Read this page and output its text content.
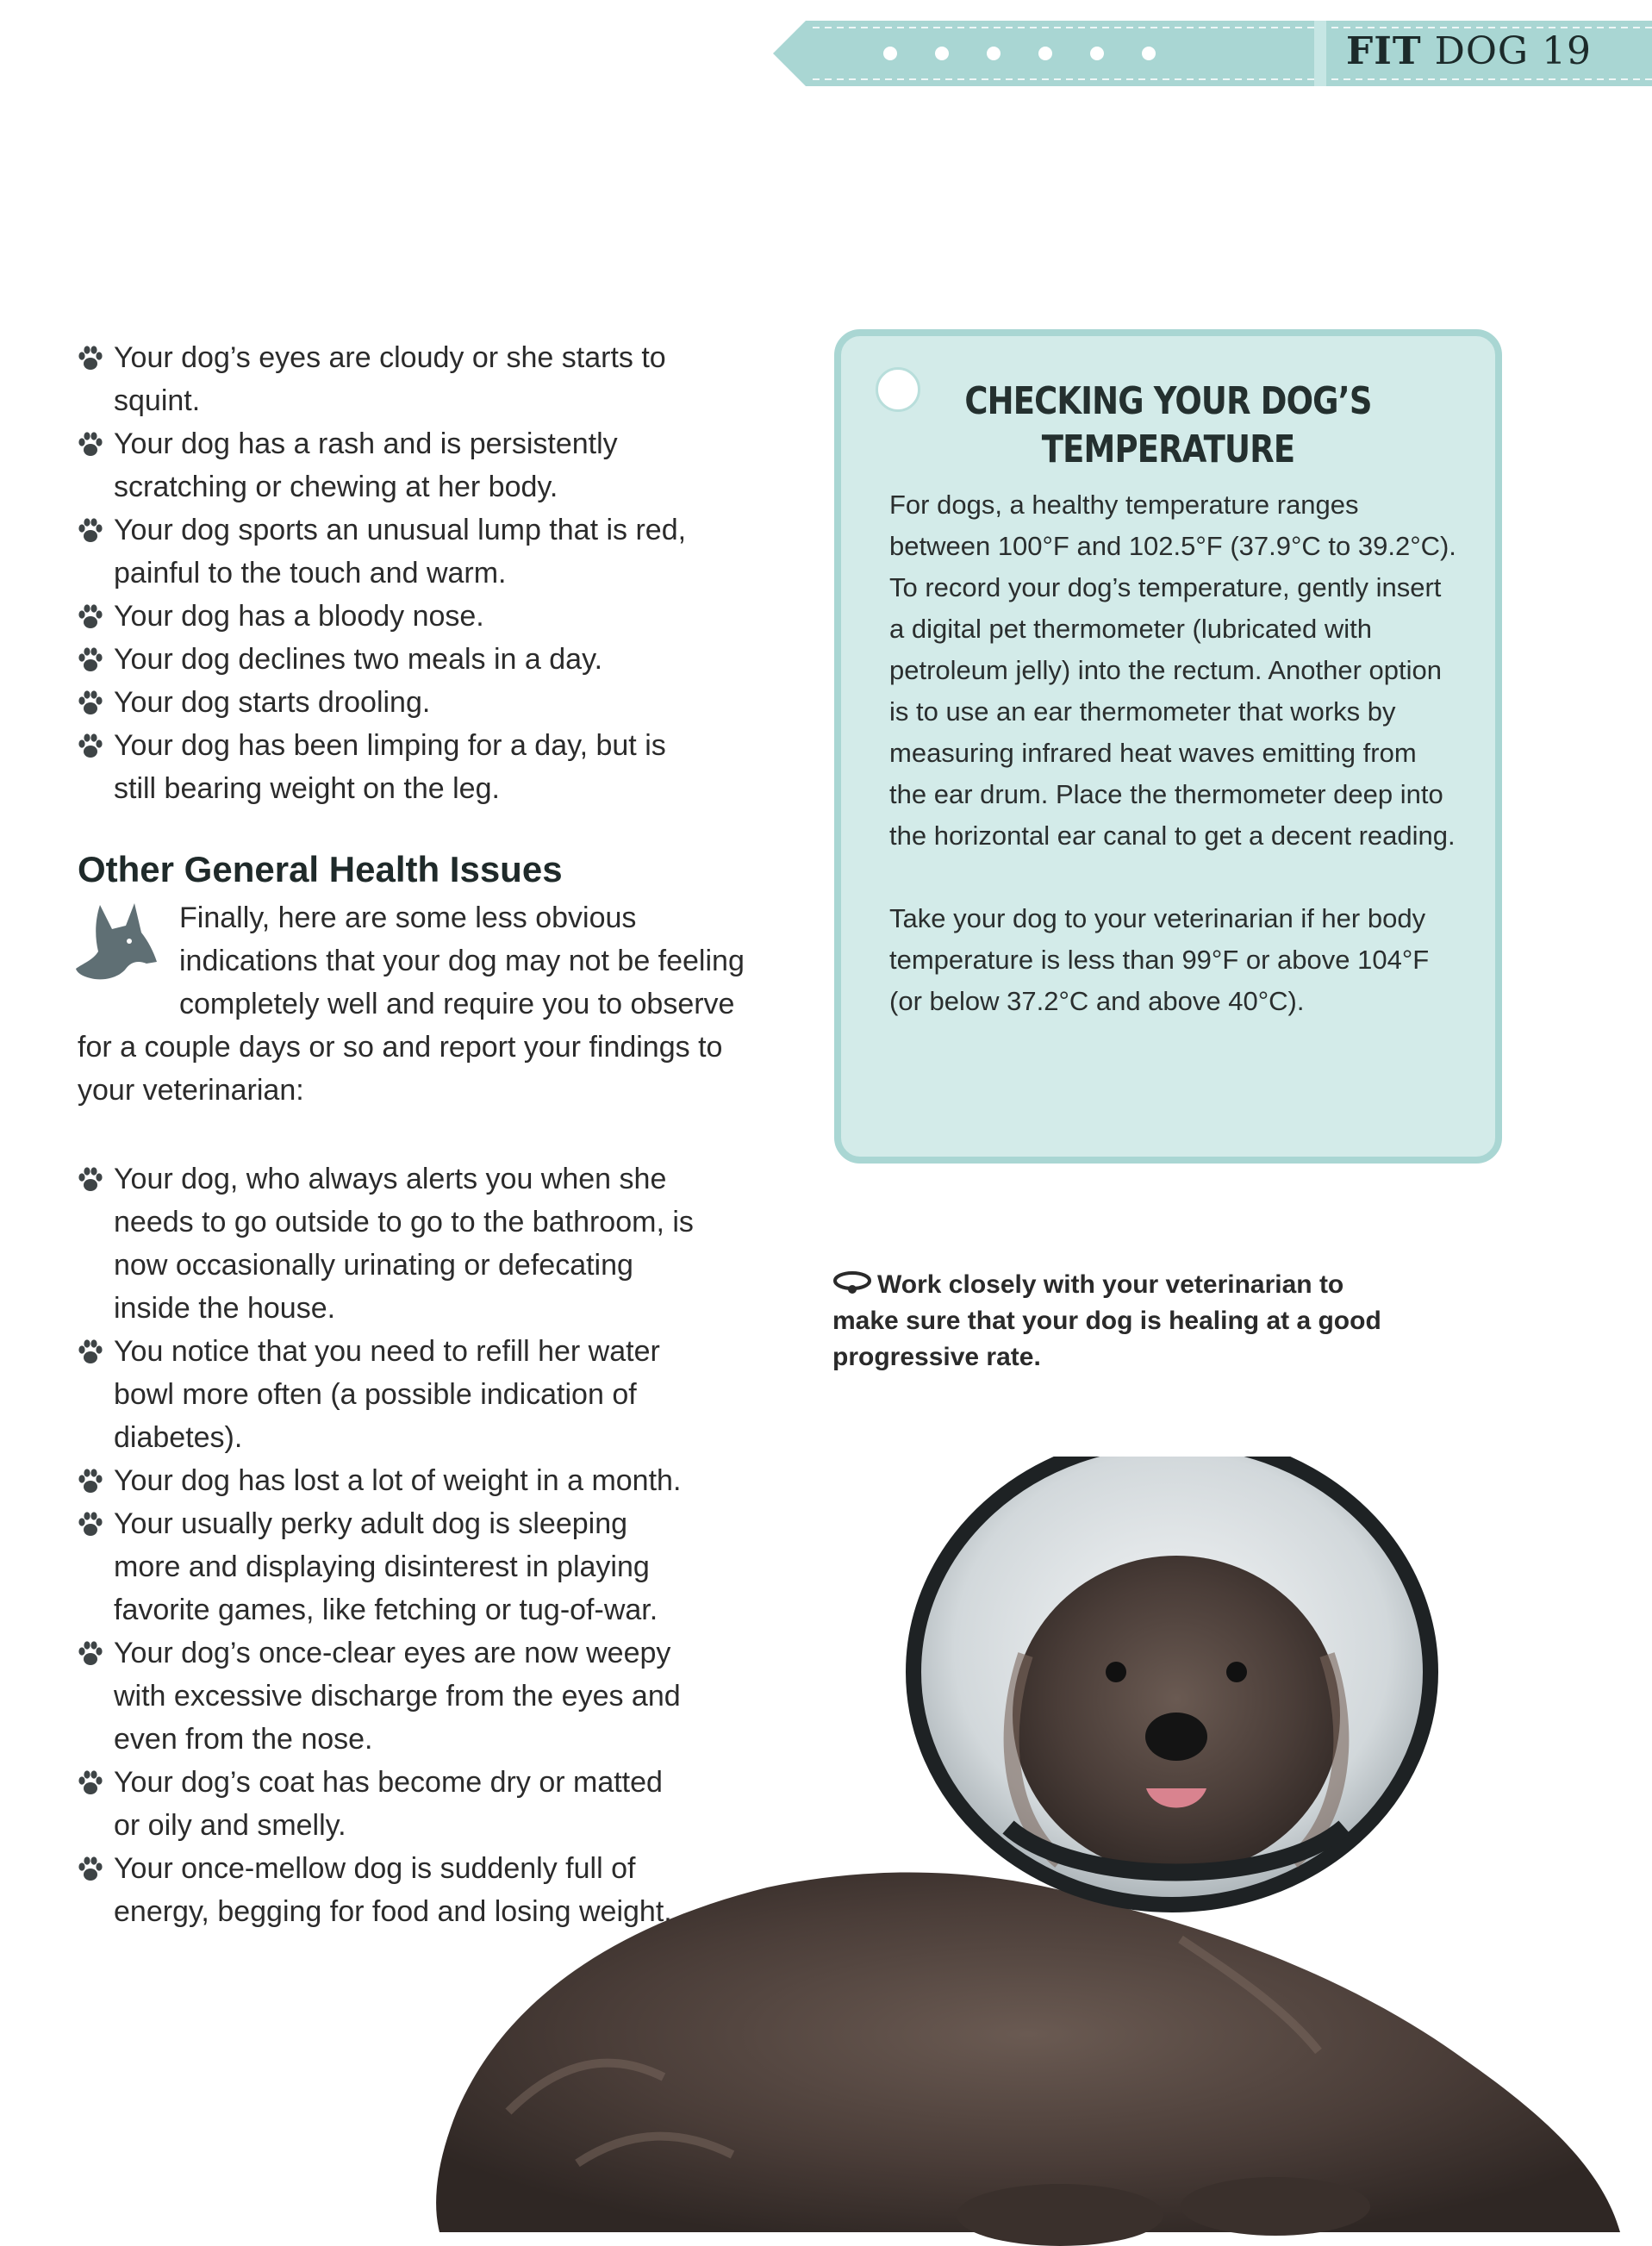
FIT DOG 19
Your dog’s eyes are cloudy or she starts to squint.
Your dog has a rash and is persistently scratching or chewing at her body.
Your dog sports an unusual lump that is red, painful to the touch and warm.
Your dog has a bloody nose.
Your dog declines two meals in a day.
Your dog starts drooling.
Your dog has been limping for a day, but is still bearing weight on the leg.
Other General Health Issues

Finally, here are some less obvious indications that your dog may not be feeling completely well and require you to observe for a couple days or so and report your findings to your veterinarian:

Your dog, who always alerts you when she needs to go outside to go to the bathroom, is now occasionally urinating or defecating inside the house.
You notice that you need to refill her water bowl more often (a possible indication of diabetes).
Your dog has lost a lot of weight in a month.
Your usually perky adult dog is sleeping more and displaying disinterest in playing favorite games, like fetching or tug-of-war.
Your dog’s once-clear eyes are now weepy with excessive discharge from the eyes and even from the nose.
Your dog’s coat has become dry or matted or oily and smelly.
Your once-mellow dog is suddenly full of energy, begging for food and losing weight.
CHECKING YOUR DOG’S
TEMPERATURE

For dogs, a healthy temperature ranges between 100°F and 102.5°F (37.9°C to 39.2°C). To record your dog’s temperature, gently insert a digital pet thermometer (lubricated with petroleum jelly) into the rectum. Another option is to use an ear thermometer that works by measuring infrared heat waves emitting from the ear drum. Place the thermometer deep into the horizontal ear canal to get a decent reading.

Take your dog to your veterinarian if her body temperature is less than 99°F or above 104°F (or below 37.2°C and above 40°C).

Work closely with your veterinarian to make sure that your dog is healing at a good progressive rate.
